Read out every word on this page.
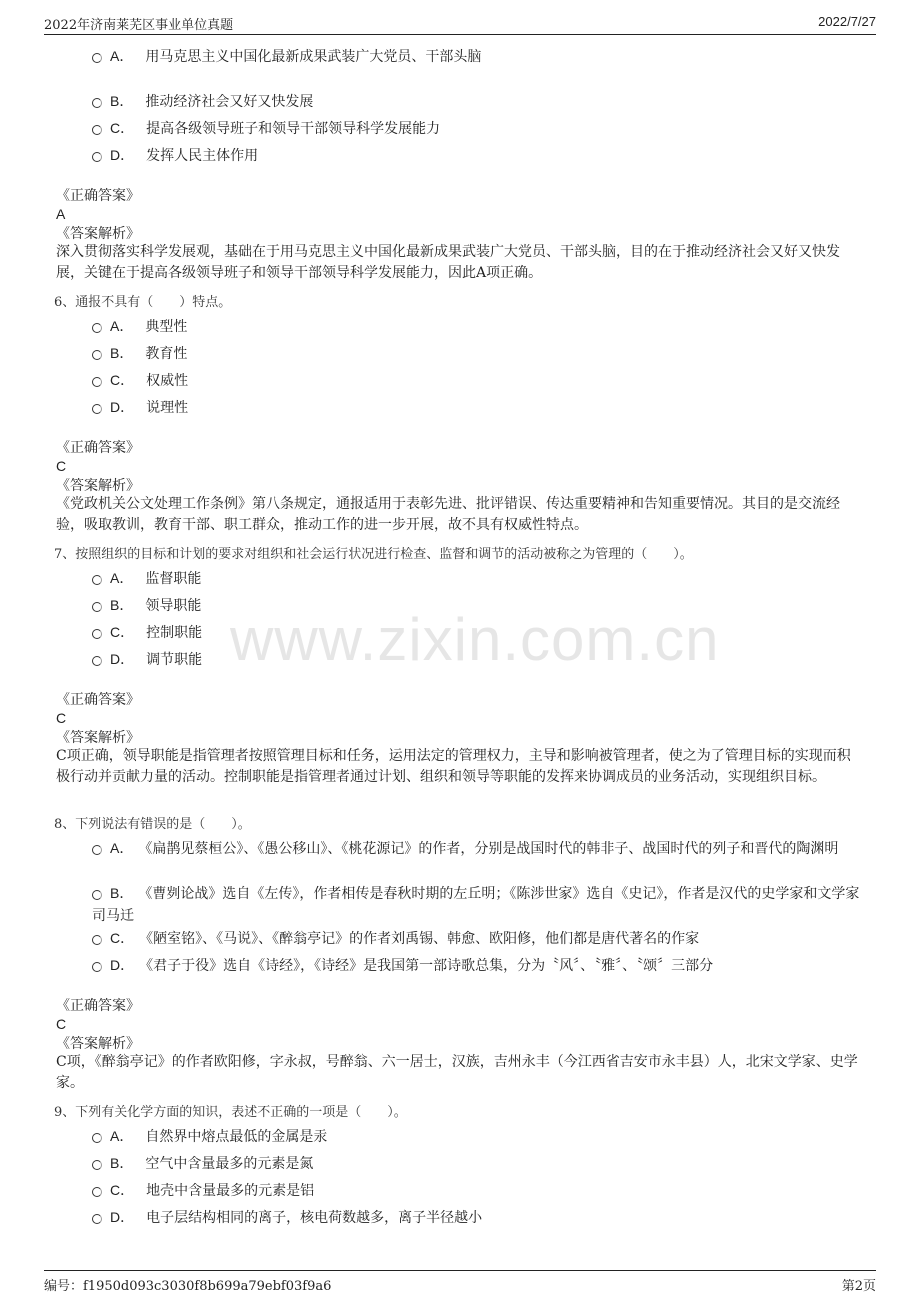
2022年济南莱芜区事业单位真题	2022/7/27
www.zixin.com.cn
A． 用马克思主义中国化最新成果武装广大党员、干部头脑
B． 推动经济社会又好又快发展
C． 提高各级领导班子和领导干部领导科学发展能力
D． 发挥人民主体作用
《正确答案》
A
《答案解析》
深入贯彻落实科学发展观，基础在于用马克思主义中国化最新成果武装广大党员、干部头脑，目的在于推动经济社会又好又快发展，关键在于提高各级领导班子和领导干部领导科学发展能力，因此A项正确。
6、通报不具有（　　）特点。
A． 典型性
B． 教育性
C． 权威性
D． 说理性
《正确答案》
C
《答案解析》
《党政机关公文处理工作条例》第八条规定，通报适用于表彰先进、批评错误、传达重要精神和告知重要情况。其目的是交流经验，吸取教训，教育干部、职工群众，推动工作的进一步开展，故不具有权威性特点。
7、按照组织的目标和计划的要求对组织和社会运行状况进行检查、监督和调节的活动被称之为管理的（　　）。
A． 监督职能
B． 领导职能
C． 控制职能
D． 调节职能
《正确答案》
C
《答案解析》
C项正确，领导职能是指管理者按照管理目标和任务，运用法定的管理权力，主导和影响被管理者，使之为了管理目标的实现而积极行动并贡献力量的活动。控制职能是指管理者通过计划、组织和领导等职能的发挥来协调成员的业务活动，实现组织目标。
8、下列说法有错误的是（　　）。
A． 《扁鹊见蔡桓公》、《愚公移山》、《桃花源记》的作者，分别是战国时代的韩非子、战国时代的列子和晋代的陶渊明
B． 《曹刿论战》选自《左传》，作者相传是春秋时期的左丘明；《陈涉世家》选自《史记》，作者是汉代的史学家和文学家司马迁
C． 《陋室铭》、《马说》、《醉翁亭记》的作者刘禹锡、韩愈、欧阳修，他们都是唐代著名的作家
D． 《君子于役》选自《诗经》，《诗经》是我国第一部诗歌总集，分为〝风〞、〝雅〞、〝颂〞三部分
《正确答案》
C
《答案解析》
C项，《醉翁亭记》的作者欧阳修，字永叔，号醉翁、六一居士，汉族，吉州永丰（今江西省吉安市永丰县）人，北宋文学家、史学家。
9、下列有关化学方面的知识，表述不正确的一项是（　　）。
A． 自然界中熔点最低的金属是汞
B． 空气中含量最多的元素是氮
C． 地壳中含量最多的元素是铝
D． 电子层结构相同的离子，核电荷数越多，离子半径越小
编号：f1950d093c3030f8b699a79ebf03f9a6	第2页
